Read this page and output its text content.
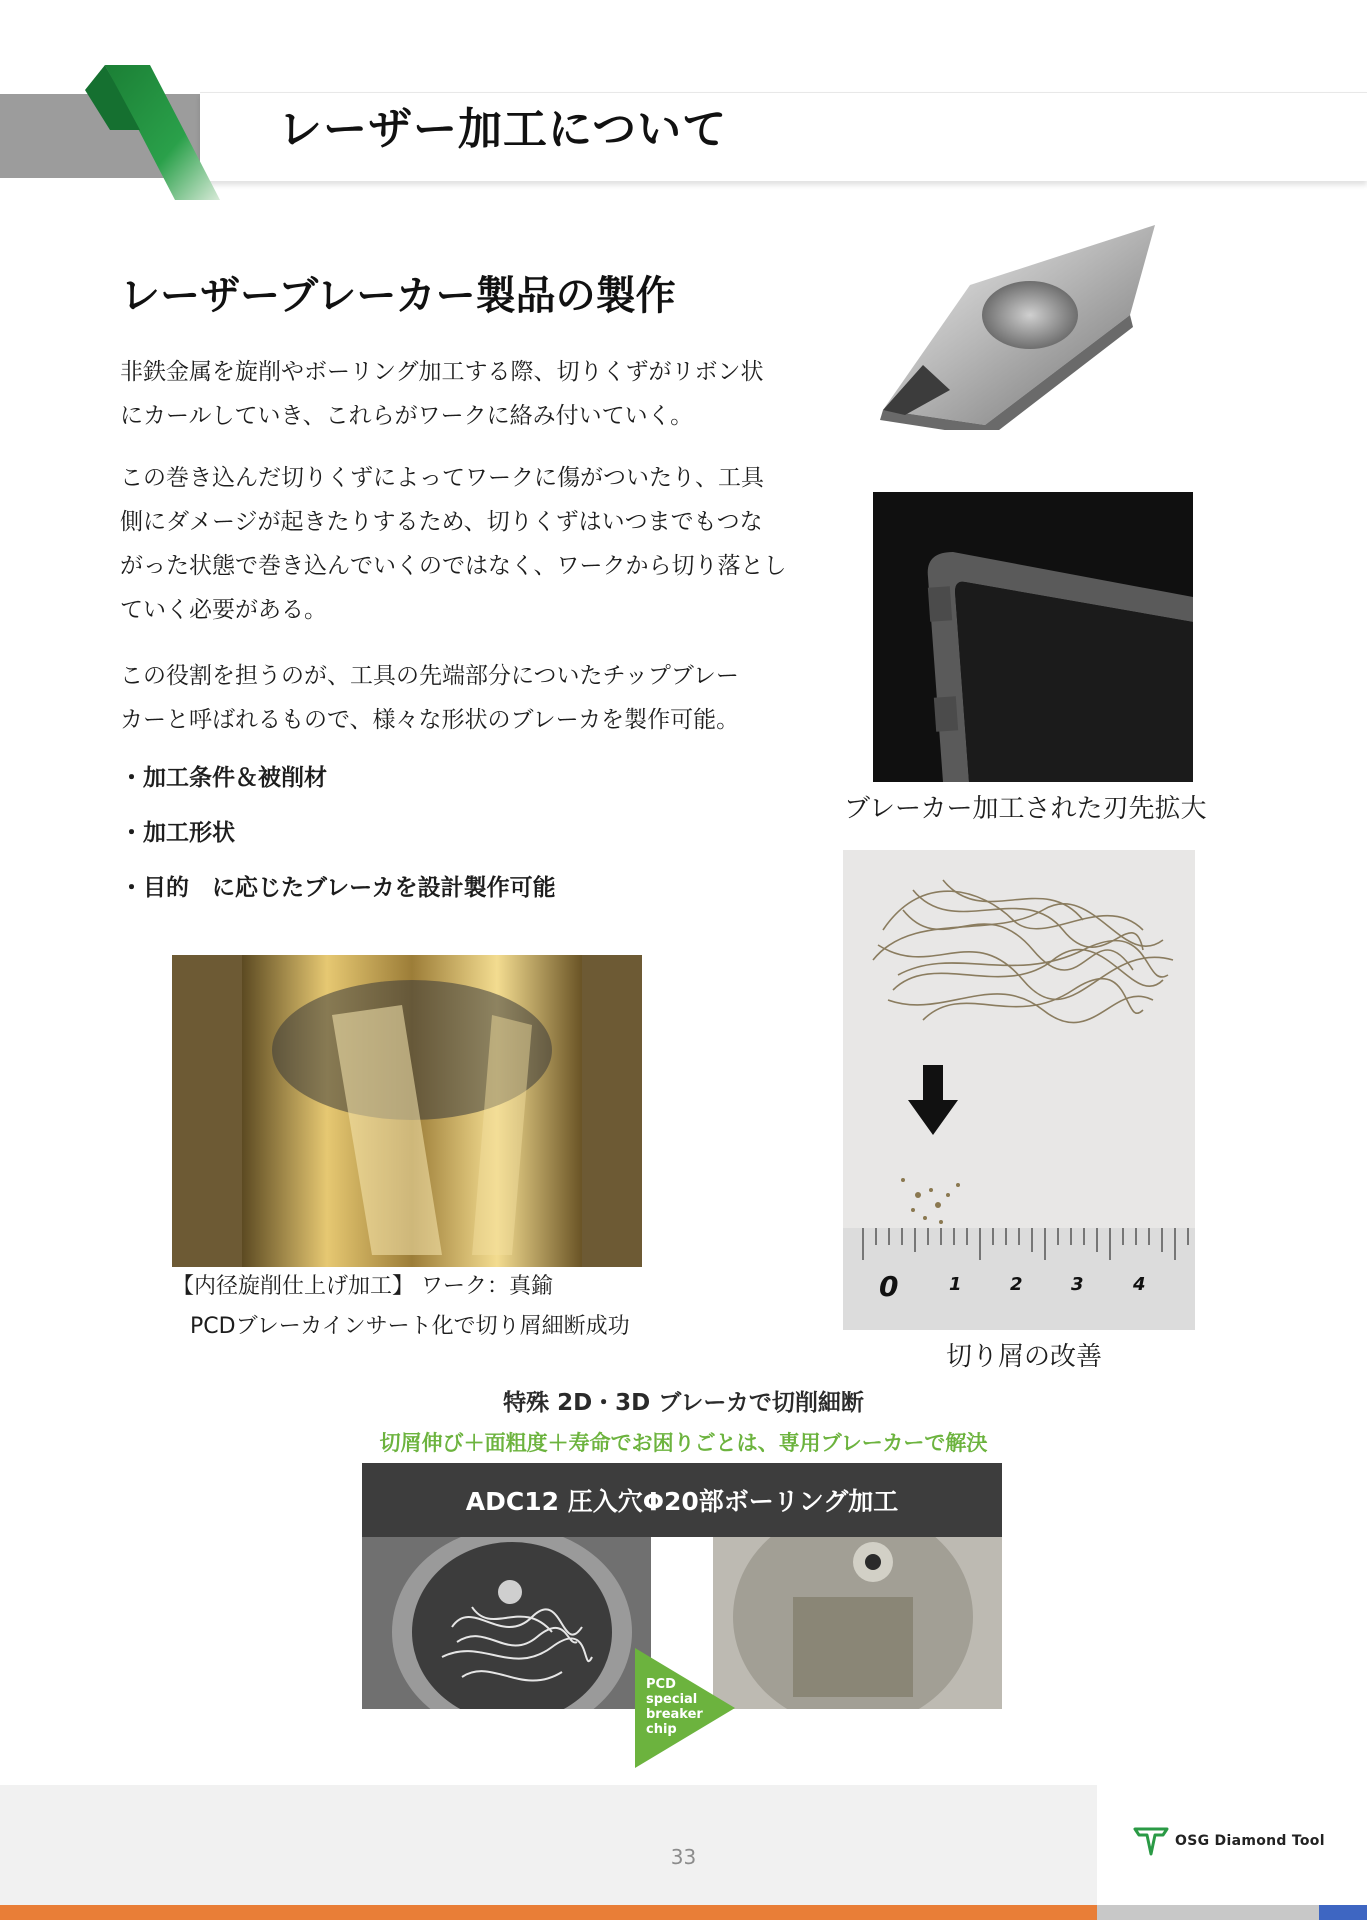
レーザー加工について
レーザーブレーカー製品の製作

非鉄金属を旋削やボーリング加工する際、切りくずがリボン状
にカールしていき、これらがワークに絡み付いていく。

この巻き込んだ切りくずによってワークに傷がついたり、工具
側にダメージが起きたりするため、切りくずはいつまでもつな
がった状態で巻き込んでいくのではなく、ワークから切り落とし
ていく必要がある。

この役割を担うのが、工具の先端部分についたチップブレー
カーと呼ばれるもので、様々な形状のブレーカを製作可能。

・加工条件＆被削材
・加工形状
・目的　に応じたブレーカを設計製作可能
ブレーカー加工された刃先拡大
0	1	2	3	4
切り屑の改善
【内径旋削仕上げ加工】 ワーク：真鍮
PCDブレーカインサート化で切り屑細断成功
特殊 2D・3D ブレーカで切削細断
切屑伸び＋面粗度＋寿命でお困りごとは、専用ブレーカーで解決
ADC12 圧入穴Φ20部ボーリング加工
PCD
special
breaker
chip
33
OSG Diamond Tool
